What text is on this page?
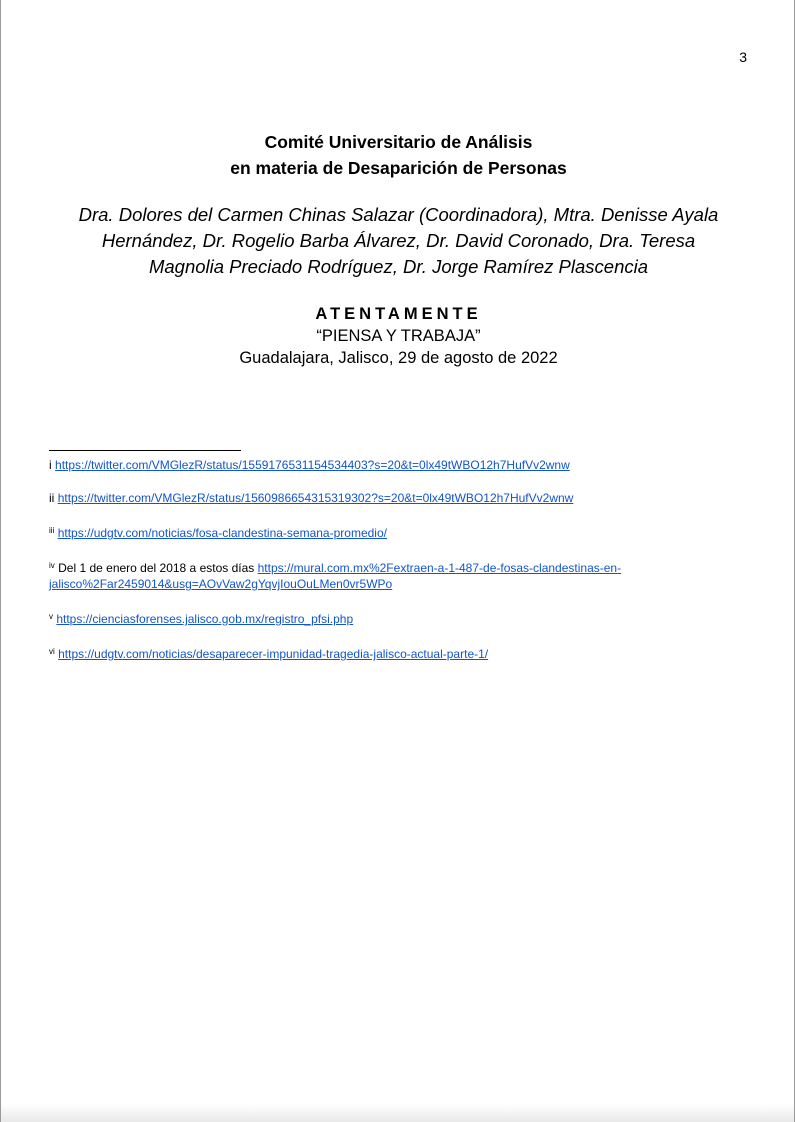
3
Comité Universitario de Análisis
en materia de Desaparición de Personas
Dra. Dolores del Carmen Chinas Salazar (Coordinadora), Mtra. Denisse Ayala
Hernández, Dr. Rogelio Barba Álvarez, Dr. David Coronado, Dra. Teresa
Magnolia Preciado Rodríguez, Dr. Jorge Ramírez Plascencia
ATENTAMENTE
“PIENSA Y TRABAJA”
Guadalajara, Jalisco, 29 de agosto de 2022
i https://twitter.com/VMGlezR/status/1559176531154534403?s=20&t=0lx49tWBO12h7HufVv2wnw
ii https://twitter.com/VMGlezR/status/1560986654315319302?s=20&t=0lx49tWBO12h7HufVv2wnw
$^{iii}$ https://udgtv.com/noticias/fosa-clandestina-semana-promedio/
$^{iv}$ Del 1 de enero del 2018 a estos días https://mural.com.mx%2Fextraen-a-1-487-de-fosas-clandestinas-en-
jalisco%2Far2459014&usg=AOvVaw2gYqvjIouOuLMen0vr5WPo
$^v$ https://cienciasforenses.jalisco.gob.mx/registro_pfsi.php
$^{vi}$ https://udgtv.com/noticias/desaparecer-impunidad-tragedia-jalisco-actual-parte-1/
